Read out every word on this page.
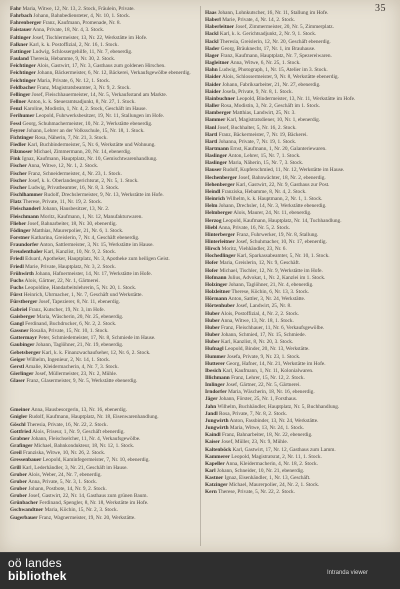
35

Fahr Maria, Witwe, 12, Nr. 13, 2. Stock, Fräulein, Private.

Fahrbach Johann, Bahnbediensteter, 4, Nr. 10, 1. Stock.

Fahrenberger Franz, Kaufmann, Promenade, Nr. 8.

Faistauer Anna, Private, 18, Nr. 4, 3. Stock.

Faltinger Josef, Tischlermeister, 13, Nr. 22, Werkstätte im Hofe.

Falkner Karl, k. k. Postoffizial, 2, Nr. 16, 1. Stock.

Fattinger Ludwig, Schlossergehilfe, 11, Nr. 7, ebenerdig.

Fauland Theresia, Hebamme, 9, Nr. 30, 2. Stock.

Feichtinger Alois, Gastwirt, 17, Nr. 3, Gasthaus zum goldenen Hirschen.

Feichtinger Johann, Bäckermeister, 6, Nr. 12, Bäckerei, Verkaufsgewölbe ebenerdig.

Feichtinger Maria, Private, 6, Nr. 12, 1. Stock.

Feldbacher Franz, Magistratsbeamter, 3, Nr. 9, 2. Stock.

Fellinger Josef, Fleischhauermeister, 14, Nr. 5, Verkaufsstand am Markte.

Fellner Anton, k. k. Steueramtsadjunkt, 8, Nr. 27, 1. Stock.

Fenzl Karoline, Modistin, 1, Nr. 4, 2. Stock, Geschäft im Hause.

Ferihumer Leopold, Fuhrwerksbesitzer, 19, Nr. 11, Stallungen im Hofe.

Fessl Georg, Schuhmachermeister, 10, Nr. 2, Werkstätte ebenerdig.

Feyrer Johann, Lehrer an der Volksschule, 15, Nr. 18, 1. Stock.

Fichtinger Rosa, Näherin, 7, Nr. 21, 3. Stock.

Fiedler Karl, Buchbindermeister, 5, Nr. 6, Werkstätte und Wohnung.

Filzmoser Michael, Zimmermann, 20, Nr. 14, ebenerdig.

Fink Ignaz, Kaufmann, Hauptplatz, Nr. 10, Gemischtwarenhandlung.

Fischer Anna, Witwe, 12, Nr. 1, 2. Stock.

Fischer Franz, Schneidermeister, 4, Nr. 23, 1. Stock.

Fischer Josef, k. k. Oberlandesgerichtsrat, 2, Nr. 5, 1. Stock.

Fischer Ludwig, Privatbeamter, 16, Nr. 8, 3. Stock.

Fischlhammer Rudolf, Drechslermeister, 9, Nr. 13, Werkstätte im Hofe.

Flatz Therese, Private, 11, Nr. 19, 2. Stock.

Fleischanderl Johann, Hausbesitzer, 13, Nr. 2.

Fleischmann Moritz, Kaufmann, 1, Nr. 12, Manufakturwaren.

Flieher Josef, Bahnarbeiter, 18, Nr. 30, ebenerdig.

Födinger Matthias, Maurerpolier, 21, Nr. 6, 1. Stock.

Forstner Katharina, Greislerin, 7, Nr. 4, Geschäft ebenerdig.

Fraundorfer Anton, Sattlermeister, 3, Nr. 15, Werkstätte im Hause.

Freudenthaler Karl, Kanzlist, 10, Nr. 9, 2. Stock.

Friedl Eduard, Apotheker, Hauptplatz, Nr. 3, Apotheke zum heiligen Geist.

Friedl Marie, Private, Hauptplatz, Nr. 3, 2. Stock.

Frühwirth Johann, Hafnermeister, 14, Nr. 17, Werkstätte im Hofe.

Fuchs Alois, Gärtner, 22, Nr. 1, Gärtnerei.

Fuchs Leopoldine, Handarbeitslehrerin, 5, Nr. 20, 1. Stock.

Fürst Heinrich, Uhrmacher, 1, Nr. 7, Geschäft und Werkstätte.

Fürstberger Josef, Tapezierer, 8, Nr. 11, ebenerdig.

Gabriel Franz, Kutscher, 19, Nr. 3, im Hofe.

Gaisberger Maria, Wäscherin, 20, Nr. 25, ebenerdig.

Gangl Ferdinand, Buchdrucker, 6, Nr. 2, 2. Stock.

Gassner Rosalia, Private, 15, Nr. 10, 1. Stock.

Gattermayr Peter, Schmiedemeister, 17, Nr. 8, Schmiede im Hause.

Gaubinger Johann, Taglöhner, 21, Nr. 19, ebenerdig.

Gebetsberger Karl, k. k. Finanzwachaufseher, 12, Nr. 6, 2. Stock.

Geiger Wilhelm, Ingenieur, 2, Nr. 14, 1. Stock.

Gerstl Amalie, Kleidermacherin, 4, Nr. 7, 3. Stock.

Gierlinger Josef, Müllermeister, 23, Nr. 2, Mühle.

Glaser Franz, Glasermeister, 9, Nr. 5, Werkstätte ebenerdig.

Gmeiner Anna, Hausbesorgerin, 13, Nr. 16, ebenerdig.

Gnigler Rudolf, Kaufmann, Hauptplatz, Nr. 18, Eisenwarenhandlung.

Göschl Theresia, Private, 16, Nr. 22, 2. Stock.

Gottfried Alois, Friseur, 1, Nr. 9, Geschäft ebenerdig.

Grabner Johann, Fleischselcher, 11, Nr. 4, Verkaufsgewölbe.

Grafinger Michael, Bahnkondukteur, 18, Nr. 12, 1. Stock.

Greil Franziska, Witwe, 10, Nr. 26, 2. Stock.

Gressenbauer Leopold, Kaminfegermeister, 7, Nr. 10, ebenerdig.

Grill Karl, Lederhändler, 3, Nr. 21, Geschäft im Hause.

Gruber Alois, Weber, 24, Nr. 7, ebenerdig.

Gruber Anna, Private, 5, Nr. 3, 1. Stock.

Gruber Johann, Postbote, 14, Nr. 9, 2. Stock.

Gruber Josef, Gastwirt, 22, Nr. 14, Gasthaus zum grünen Baum.

Grünbacher Ferdinand, Spengler, 8, Nr. 18, Werkstätte im Hofe.

Gschwandtner Maria, Köchin, 15, Nr. 2, 3. Stock.

Gugerbauer Franz, Wagnermeister, 19, Nr. 20, Werkstätte.

Haas Johann, Lohnkutscher, 16, Nr. 11, Stallung im Hofe.

Haberl Marie, Private, 4, Nr. 14, 2. Stock.

Haberleitner Josef, Zimmermeister, 20, Nr. 5, Zimmerplatz.

Hackl Karl, k. k. Gerichtsadjunkt, 2, Nr. 9, 1. Stock.

Hackl Theresia, Greislerin, 12, Nr. 20, Geschäft ebenerdig.

Hader Georg, Bräuknecht, 17, Nr. 1, im Brauhause.

Hager Franz, Kaufmann, Hauptplatz, Nr. 7, Spezereiwaren.

Hagleitner Anna, Witwe, 6, Nr. 25, 1. Stock.

Hahn Ludwig, Photograph, 1, Nr. 15, Atelier im 3. Stock.

Haider Alois, Schlossermeister, 9, Nr. 8, Werkstätte ebenerdig.

Haider Johann, Fabriksarbeiter, 21, Nr. 27, ebenerdig.

Haider Josefa, Private, 9, Nr. 8, 1. Stock.

Hainbuchner Leopold, Bindermeister, 13, Nr. 11, Werkstätte im Hofe.

Haller Rosa, Modistin, 3, Nr. 2, Geschäft im 1. Stock.

Hamberger Matthias, Landwirt, 25, Nr. 3.

Hammer Karl, Magistratsdiener, 10, Nr. 1, ebenerdig.

Hanl Josef, Buchhalter, 5, Nr. 16, 2. Stock.

Hartl Franz, Bäckermeister, 7, Nr. 19, Bäckerei.

Hartl Johanna, Private, 7, Nr. 19, 1. Stock.

Hartmann Ernst, Kaufmann, 1, Nr. 20, Galanteriewaren.

Haslinger Anton, Lehrer, 15, Nr. 7, 1. Stock.

Haslinger Maria, Näherin, 15, Nr. 7, 3. Stock.

Hauser Rudolf, Kupferschmied, 11, Nr. 12, Werkstätte im Hause.

Hechenberger Josef, Bahnwächter, 18, Nr. 2, ebenerdig.

Hehenberger Karl, Gastwirt, 22, Nr. 9, Gasthaus zur Post.

Heindl Franziska, Hebamme, 8, Nr. 4, 2. Stock.

Heinrich Wilhelm, k. k. Hauptmann, 2, Nr. 1, 1. Stock.

Helm Johann, Drechsler, 14, Nr. 3, Werkstätte ebenerdig.

Helmberger Alois, Maurer, 24, Nr. 11, ebenerdig.

Herzog Leopold, Kaufmann, Hauptplatz, Nr. 14, Tuchhandlung.

Hiebl Anna, Private, 16, Nr. 5, 2. Stock.

Hinterberger Franz, Fuhrwerker, 19, Nr. 8, Stallung.

Hinterleitner Josef, Schuhmacher, 10, Nr. 17, ebenerdig.

Hirsch Moritz, Viehhändler, 23, Nr. 6.

Hochedlinger Karl, Sparkassabeamter, 5, Nr. 10, 1. Stock.

Hofer Maria, Greislerin, 12, Nr. 9, Geschäft.

Hofer Michael, Tischler, 12, Nr. 9, Werkstätte im Hofe.

Hofmann Julius, Advokat, 1, Nr. 2, Kanzlei im 1. Stock.

Holzinger Johann, Taglöhner, 21, Nr. 4, ebenerdig.

Holzleitner Therese, Köchin, 6, Nr. 13, 3. Stock.

Hörmann Anton, Sattler, 3, Nr. 24, Werkstätte.

Hörtenhuber Josef, Landwirt, 25, Nr. 8.

Huber Alois, Postoffizial, 4, Nr. 2, 2. Stock.

Huber Anna, Witwe, 13, Nr. 18, 1. Stock.

Huber Franz, Fleischhauer, 11, Nr. 6, Verkaufsgewölbe.

Huber Johann, Schmied, 17, Nr. 15, Schmiede.

Huber Karl, Kanzlist, 8, Nr. 20, 3. Stock.

Hufnagl Leopold, Binder, 20, Nr. 13, Werkstätte.

Hummer Josefa, Private, 9, Nr. 23, 1. Stock.

Hutterer Georg, Hafner, 14, Nr. 21, Werkstätte im Hofe.

Ibesich Karl, Kaufmann, 1, Nr. 11, Kolonialwaren.

Illichmann Franz, Lehrer, 15, Nr. 12, 2. Stock.

Imlinger Josef, Gärtner, 22, Nr. 5, Gärtnerei.

Irndorfer Maria, Wäscherin, 18, Nr. 16, ebenerdig.

Jäger Johann, Förster, 25, Nr. 1, Forsthaus.

Jahn Wilhelm, Buchhändler, Hauptplatz, Nr. 5, Buchhandlung.

Jandl Rosa, Private, 7, Nr. 8, 2. Stock.

Jungwirth Anton, Fassbinder, 13, Nr. 24, Werkstätte.

Jungwirth Maria, Witwe, 13, Nr. 24, 1. Stock.

Kaindl Franz, Bahnarbeiter, 18, Nr. 22, ebenerdig.

Kaiser Josef, Müller, 23, Nr. 9, Mühle.

Kaltenböck Karl, Gastwirt, 17, Nr. 12, Gasthaus zum Lamm.

Kammerer Leopold, Magistratsrat, 2, Nr. 11, 1. Stock.

Kapeller Anna, Kleidermacherin, 4, Nr. 18, 2. Stock.

Karl Johann, Schneider, 10, Nr. 21, ebenerdig.

Kastner Ignaz, Eisenhändler, 1, Nr. 13, Geschäft.

Katzinger Michael, Maurerpolier, 24, Nr. 2, 1. Stock.

Kern Therese, Private, 5, Nr. 22, 2. Stock.

oö landes
bibliothek	Intranda viewer
